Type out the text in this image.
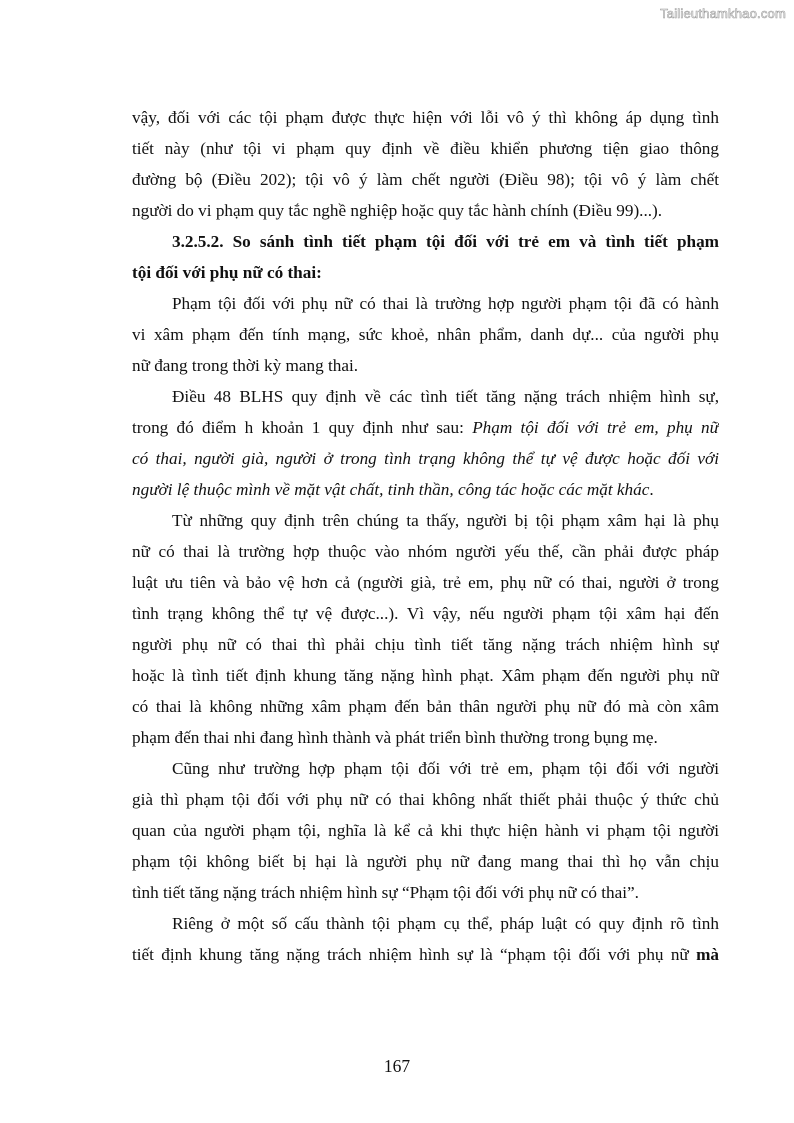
Tailieuthamkhao.com
vậy, đối với các tội phạm được thực hiện với lỗi vô ý thì không áp dụng tình
tiết này (như tội vi phạm quy định về điều khiển phương tiện giao thông
đường bộ (Điều 202); tội vô ý làm chết người (Điều 98); tội vô ý làm chết
người do vi phạm quy tắc nghề nghiệp hoặc quy tắc hành chính (Điều 99)...).
3.2.5.2. So sánh tình tiết phạm tội đối với trẻ em và tình tiết phạm
tội đối với phụ nữ có thai:
Phạm tội đối với phụ nữ có thai là trường hợp người phạm tội đã có hành
vi xâm phạm đến tính mạng, sức khoẻ, nhân phẩm, danh dự... của người phụ
nữ đang trong thời kỳ mang thai.
Điều 48 BLHS quy định về các tình tiết tăng nặng trách nhiệm hình sự,
trong đó điểm h khoản 1 quy định như sau: Phạm tội đối với trẻ em, phụ nữ
có thai, người già, người ở trong tình trạng không thể tự vệ được hoặc đối với
người lệ thuộc mình về mặt vật chất, tinh thần, công tác hoặc các mặt khác.
Từ những quy định trên chúng ta thấy, người bị tội phạm xâm hại là phụ
nữ có thai là trường hợp thuộc vào nhóm người yếu thế, cần phải được pháp
luật ưu tiên và bảo vệ hơn cả (người già, trẻ em, phụ nữ có thai, người ở trong
tình trạng không thể tự vệ được...). Vì vậy, nếu người phạm tội xâm hại đến
người phụ nữ có thai thì phải chịu tình tiết tăng nặng trách nhiệm hình sự
hoặc là tình tiết định khung tăng nặng hình phạt. Xâm phạm đến người phụ nữ
có thai là không những xâm phạm đến bản thân người phụ nữ đó mà còn xâm
phạm đến thai nhi đang hình thành và phát triển bình thường trong bụng mẹ.
Cũng như trường hợp phạm tội đối với trẻ em, phạm tội đối với người
già thì phạm tội đối với phụ nữ có thai không nhất thiết phải thuộc ý thức chủ
quan của người phạm tội, nghĩa là kể cả khi thực hiện hành vi phạm tội người
phạm tội không biết bị hại là người phụ nữ đang mang thai thì họ vẫn chịu
tình tiết tăng nặng trách nhiệm hình sự “Phạm tội đối với phụ nữ có thai”.
Riêng ở một số cấu thành tội phạm cụ thể, pháp luật có quy định rõ tình
tiết định khung tăng nặng trách nhiệm hình sự là “phạm tội đối với phụ nữ mà
167
